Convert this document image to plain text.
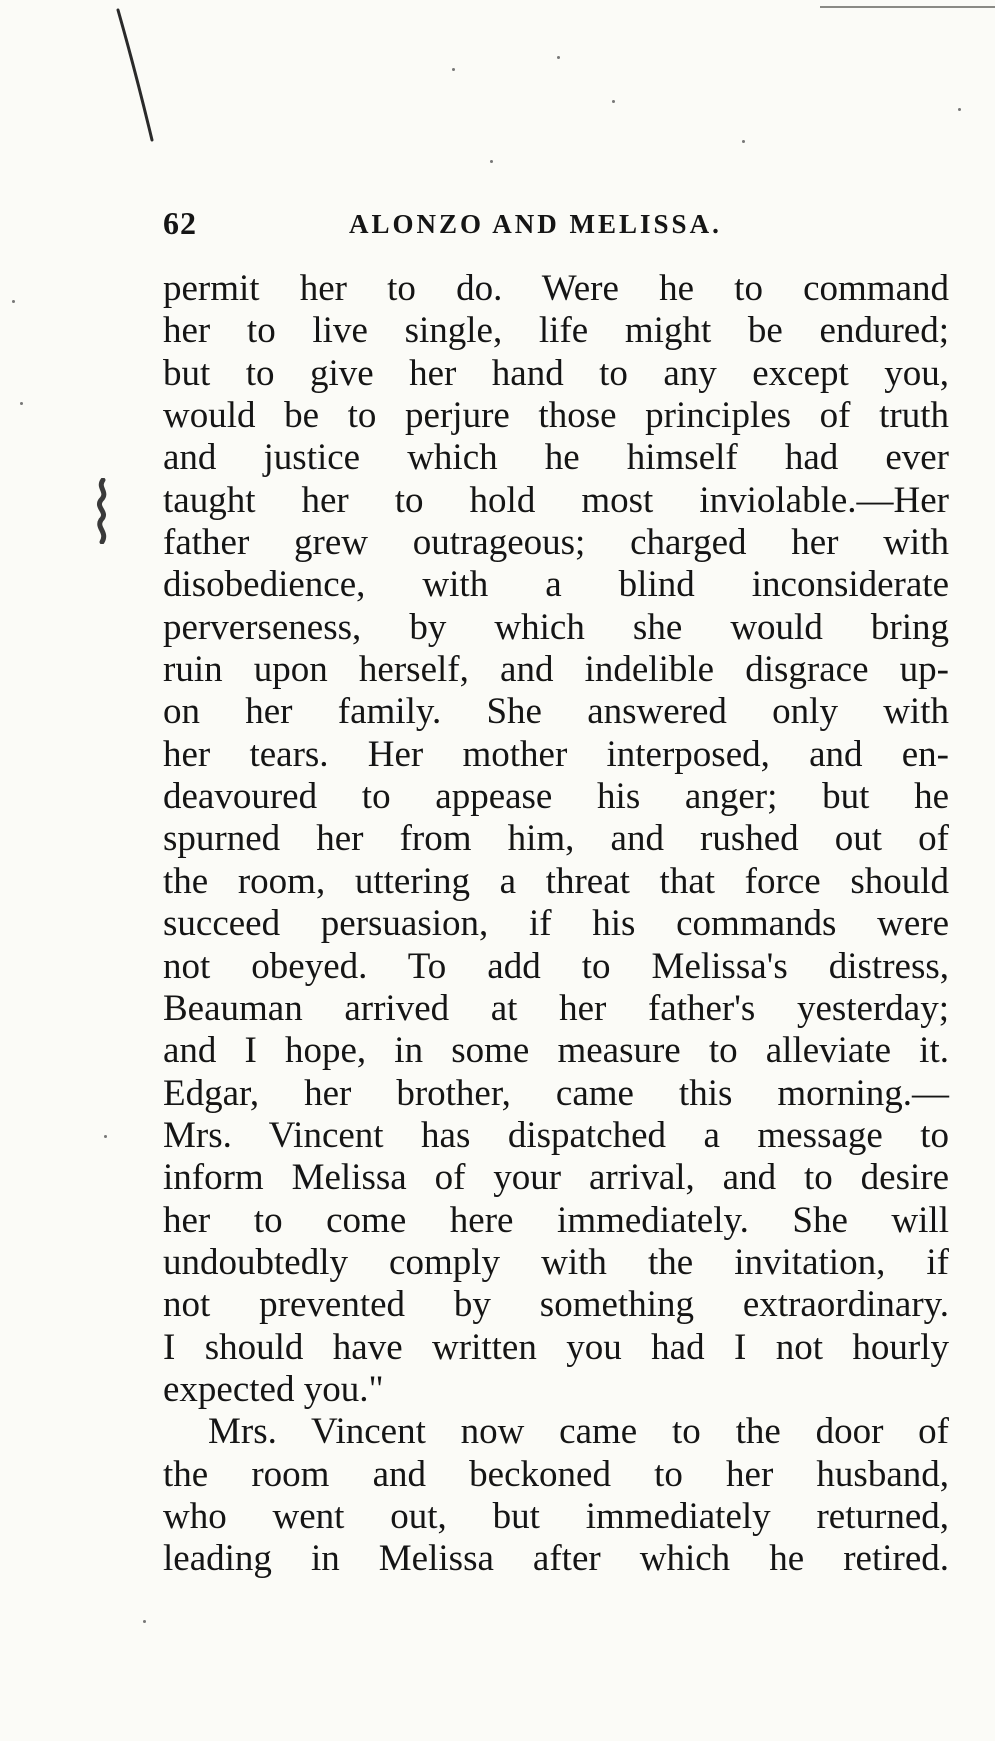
62	ALONZO AND MELISSA.
permit her to do. Were he to command
her to live single, life might be endured;
but to give her hand to any except you,
would be to perjure those principles of truth
and justice which he himself had ever
taught her to hold most inviolable.—Her
father grew outrageous; charged her with
disobedience, with a blind inconsiderate
perverseness, by which she would bring
ruin upon herself, and indelible disgrace up-
on her family. She answered only with
her tears. Her mother interposed, and en-
deavoured to appease his anger; but he
spurned her from him, and rushed out of
the room, uttering a threat that force should
succeed persuasion, if his commands were
not obeyed. To add to Melissa's distress,
Beauman arrived at her father's yesterday;
and I hope, in some measure to alleviate it.
Edgar, her brother, came this morning.—
Mrs. Vincent has dispatched a message to
inform Melissa of your arrival, and to desire
her to come here immediately. She will
undoubtedly comply with the invitation, if
not prevented by something extraordinary.
I should have written you had I not hourly
expected you."
Mrs. Vincent now came to the door of
the room and beckoned to her husband,
who went out, but immediately returned,
leading in Melissa after which he retired.
